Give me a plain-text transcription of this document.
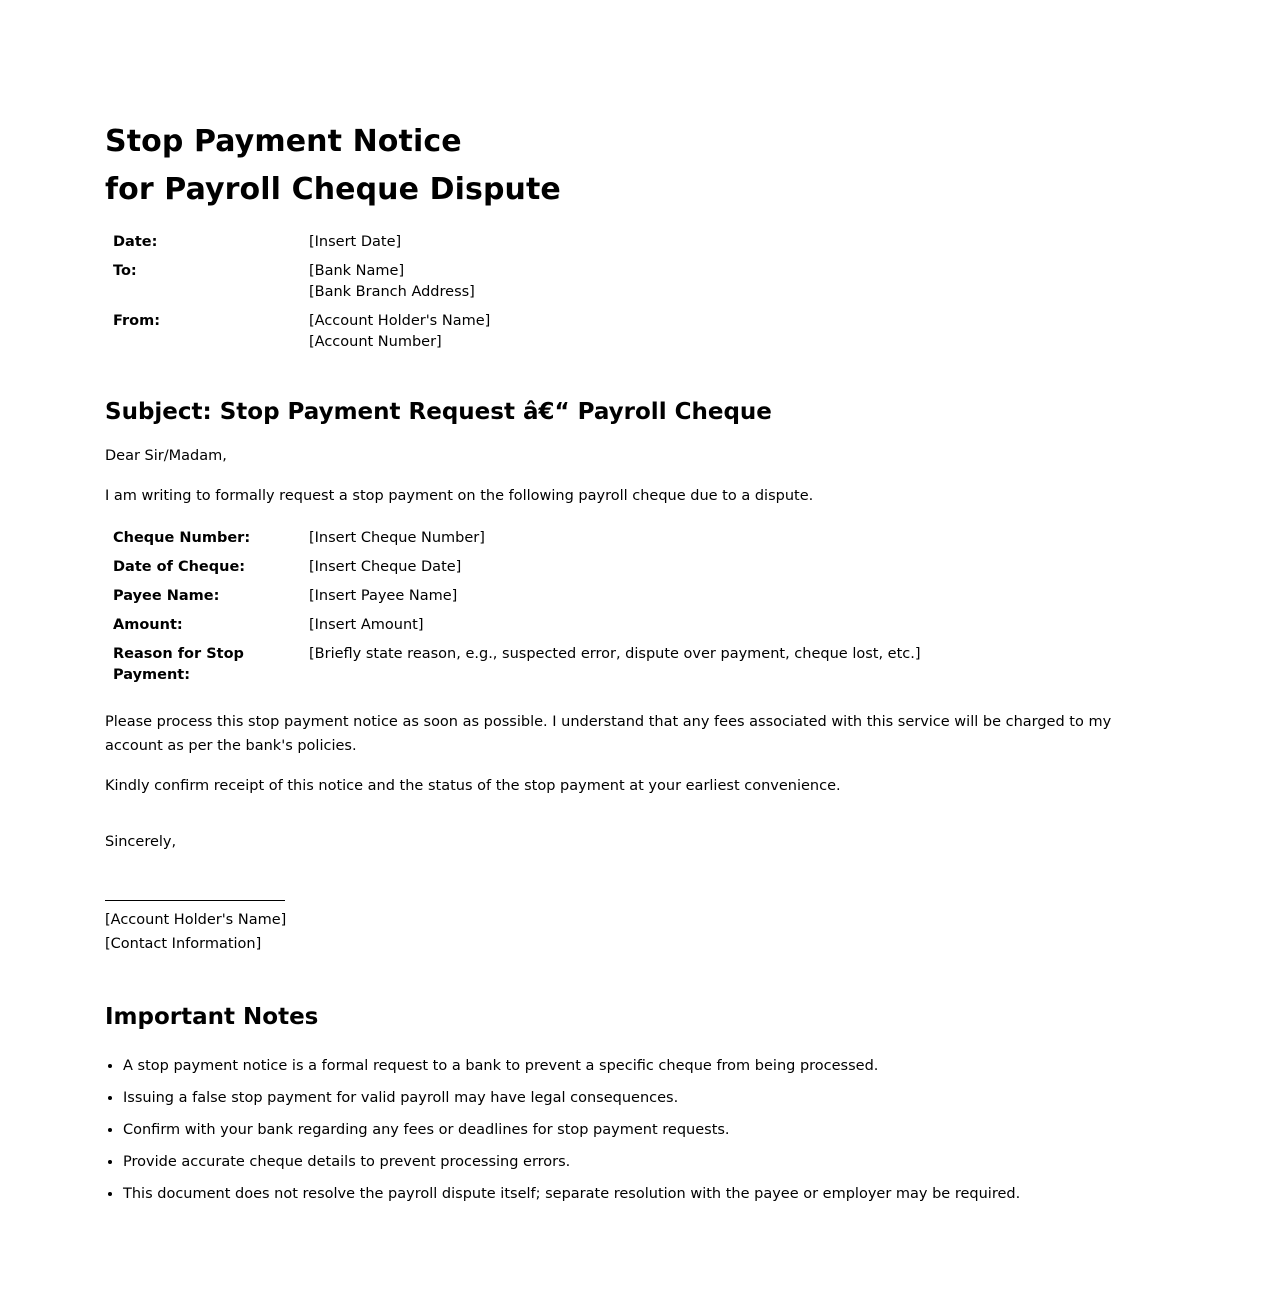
Stop Payment Notice
for Payroll Cheque Dispute
Date:	[Insert Date]
To:	[Bank Name]
[Bank Branch Address]

From:	[Account Holder's Name]
[Account Number]
Subject: Stop Payment Request â€“ Payroll Cheque

Dear Sir/Madam,

I am writing to formally request a stop payment on the following payroll cheque due to a dispute.

Cheque Number:	[Insert Cheque Number]
Date of Cheque:	[Insert Cheque Date]
Payee Name:	[Insert Payee Name]
Amount:	[Insert Amount]
Reason for Stop Payment:	[Briefly state reason, e.g., suspected error, dispute over payment, cheque lost, etc.]

Please process this stop payment notice as soon as possible. I understand that any fees associated with this service will be charged to my account as per the bank's policies.

Kindly confirm receipt of this notice and the status of the stop payment at your earliest convenience.

Sincerely,

[Account Holder's Name]
[Contact Information]

Important Notes
• A stop payment notice is a formal request to a bank to prevent a specific cheque from being processed.
• Issuing a false stop payment for valid payroll may have legal consequences.
• Confirm with your bank regarding any fees or deadlines for stop payment requests.
• Provide accurate cheque details to prevent processing errors.
• This document does not resolve the payroll dispute itself; separate resolution with the payee or employer may be required.
